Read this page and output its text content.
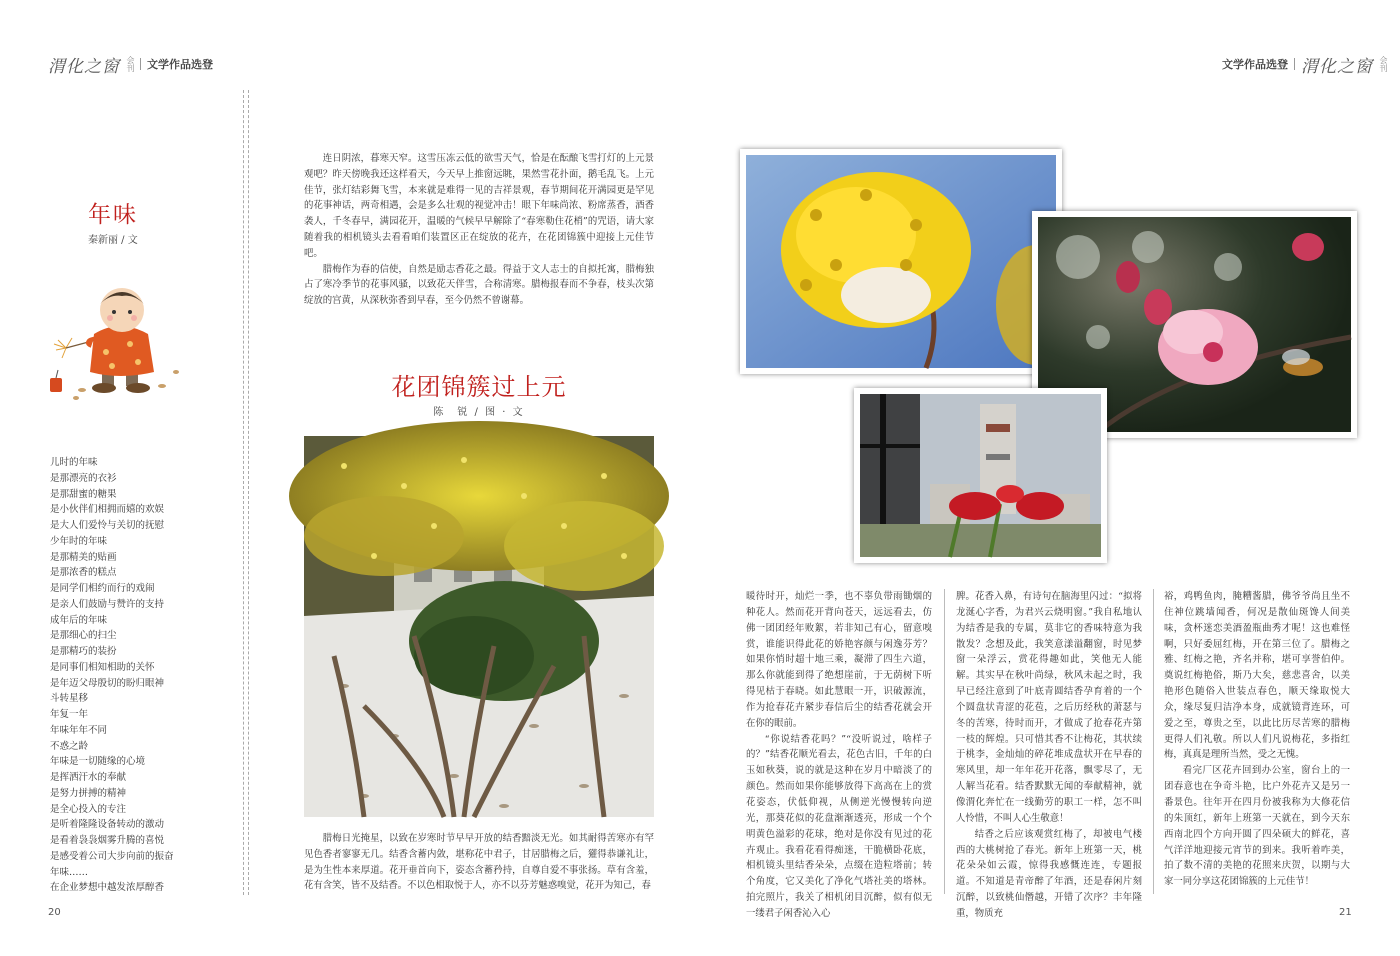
渭化之窗 会刊 文学作品选登	文学作品选登 渭化之窗 会刊
年味
秦新丽 / 文
儿时的年味
是那漂亮的衣衫
是那甜蜜的糖果
是小伙伴们相拥而嬉的欢娱
是大人们爱怜与关切的抚慰
少年时的年味
是那精美的贴画
是那浓香的糕点
是同学们相约而行的戏闹
是亲人们鼓励与赞许的支持
成年后的年味
是那细心的扫尘
是那精巧的装扮
是同事们相知相助的关怀
是年迈父母殷切的盼归眼神
斗转星移
年复一年
年味年年不同
不惑之龄
年味是一切随缘的心境
是挥洒汗水的奉献
是努力拼搏的精神
是全心投入的专注
是听着隆隆设备转动的激动
是看着袅袅烟雾升腾的喜悦
是感受着公司大步向前的振奋
年味……
在企业梦想中越发浓厚醇香

连日阴浓，暮寒天窄。这雪压冻云低的欲雪天气，恰是在酝酿飞雪打灯的上元景观吧？昨天傍晚我还这样看天，今天早上推窗远眺，果然雪花扑面，鹅毛乱飞。上元佳节，张灯结彩舞飞雪，本来就是难得一见的吉祥景观，春节期间花开满园更是罕见的花事神话，两奇相遇，会是多么壮观的视觉冲击！眼下年味尚浓、粉席蒸香，酒香袭人，千冬春早，满园花开，温暖的气候早早解除了“春寒勒住花梢”的咒语，请大家随着我的相机镜头去看看咱们装置区正在绽放的花卉，在花团锦簇中迎接上元佳节吧。

腊梅作为春的信使，自然是励志香花之最。得益于文人志士的自拟托寓，腊梅独占了寒冷季节的花事风骚，以致花天伴雪，合称清寒。腊梅报春而不争春，枝头次第绽放的宫黄，从深秋弥香到早春，至今仍然不曾谢幕。

花团锦簇过上元
陈　锐 / 图 · 文

腊梅日光掩星，以致在岁寒时节早早开放的结香黯淡无光。如其耐得苦寒亦有罕见色香者寥寥无几。结香含蓄内敛，堪称花中君子，甘居腊梅之后，獾得恭谦礼让，是为生性本来厚道。花开垂首向下，姿态含蓄矜持，自尊自爱不事张扬。草有含羞，花有含笑，皆不及结香。不以色相取悦于人，亦不以芬芳魅惑嗅觉，花开为知己，春

暖待时开，灿烂一季，也不辜负带雨锄烟的种花人。然而花开背向苍天，远远看去，仿佛一团团经年败絮，若非知己有心，留意嗅赏，谁能识得此花的娇艳容颜与闲逸芬芳？如果你悄时超十地三乘，凝滞了四生六道，那么你就能到得了绝想崖前，于无荫树下听得见枯于春晓。如此慧眼一开，识破源流，作为抢春花卉紧步春信后尘的结香花就会开在你的眼前。

“你说结香花吗？”“没听说过，啥样子的？”结香花顺光看去，花色古旧，千年的白玉如秋葵，说的就是这种在岁月中暗淡了的颜色。然而如果你能够放得下高高在上的赏花姿态，伏低仰视，从侧逆光慢慢转向逆光，那葵花似的花盘渐渐透亮，形成一个个明黄色溢彩的花球，绝对是你没有见过的花卉观止。我看花看得痴迷，干脆横卧花底，相机镜头里结香朵朵，点缀在造粒塔前；转个角度，它又美化了净化气塔社美的塔林。拍完照片，我关了相机闭目沉醉，似有似无一缕君子闲香沁入心

脾。花香入鼻，有诗句在脑海里闪过：“拟将龙涎心字香，为君兴云烧明窗。”我自私地认为结香是我的专属，莫非它的香味特意为我散发？念想及此，我笑意漾溢翻窗，时见梦窗一朵浮云，赏花得趣如此，笑他无人能解。其实早在秋叶尚绿，秋风未起之时，我早已经注意到了叶底青圆结香孕育着的一个个圆盘状青涩的花苞，之后历经秋的萧瑟与冬的苦寒，待时而开，才做成了抢春花卉第一枝的辉煌。只可惜其香不让梅花，其状续于桃李，金灿灿的碎花堆成盘状开在早春的寒风里，却一年年花开花落，飘零尽了，无人解当花看。结香默默无闻的奉献精神，就像渭化奔忙在一线勤劳的职工一样，怎不叫人怜惜，不叫人心生敬意！

结香之后应该观赏红梅了，却被电气楼西的大桃树抢了春光。新年上班第一天，桃花朵朵如云霞，惊得我感慨连连，专题报道。不知道是青帝醉了年酒，还是春闲片刻沉醉，以致桃仙僭越，开错了次序？丰年隆重，物质充

裕，鸡鸭鱼肉，腌糟酱腊，佛爷爷尚且坐不住神位跳墙闻香，何况是散仙斑馋人间美味，贪杯迷恋美酒盈瓶曲秀才呢！这也难怪啊，只好委屈红梅，开在第三位了。腊梅之雅、红梅之艳，齐名并称，堪可享誉伯仲。奠说红梅艳俗，斯乃大矣，慈悲喜舍，以美艳形色随俗入世装点春色，顺天缘取悦大众，缘尽复归洁净本身，成就镜背连环，可爱之至，尊贵之至，以此比历尽苦寒的腊梅更得人们礼敬。所以人们凡说梅花，多指红梅，真真是理所当然，受之无愧。

看完厂区花卉回到办公室，窗台上的一团春意也在争奇斗艳，比户外花卉又是另一番景色。往年开在四月份被我称为大修花信的朱顶红，新年上班第一天就在，到今天东西南北四个方向开圆了四朵硕大的鲜花，喜气洋洋地迎接元宵节的到来。我听着咋美，拍了数不清的美艳的花照来庆贺，以期与大家一同分享这花团锦簇的上元佳节！

20	21
